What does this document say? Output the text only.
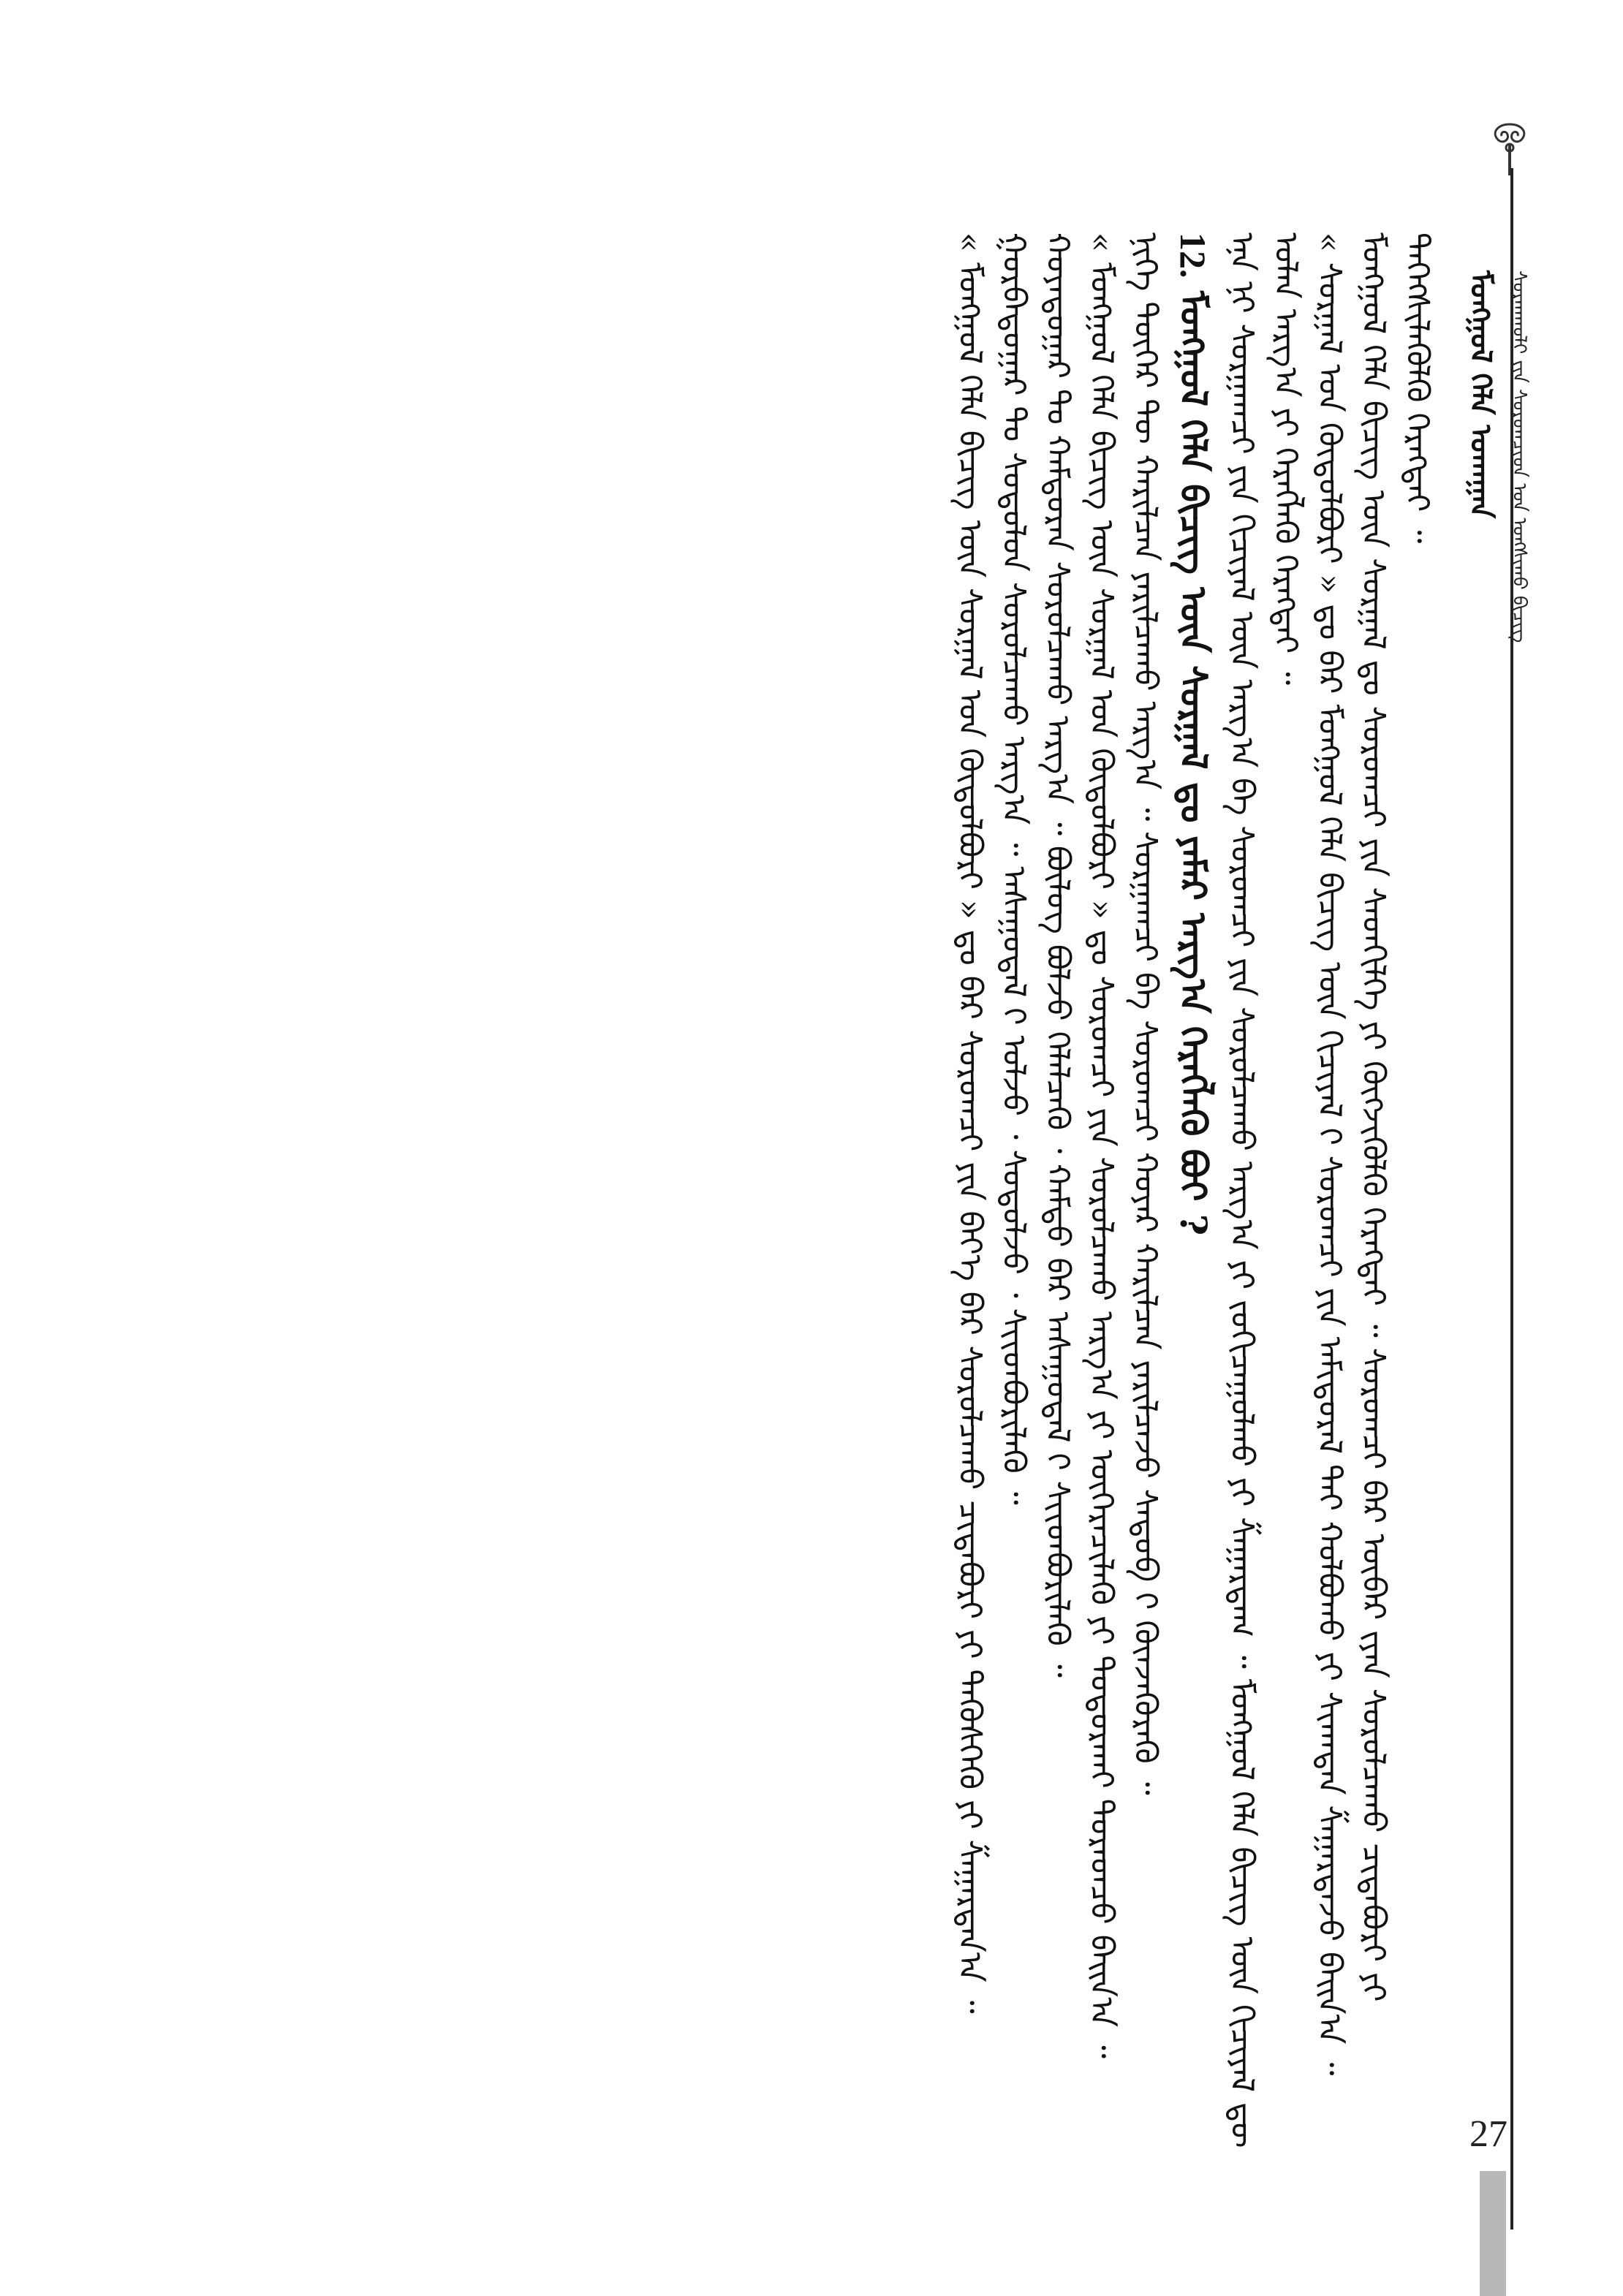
ᠮᠣᠩᠭᠣᠯ ᠬᠡᠯᠡ ᠤᠬᠠᠭᠠᠨ ᠰᠤᠷᠭᠠᠭᠤᠯᠢ ᠶᠢᠨ ᠰᠤᠷᠤᠭᠴᠢᠳ ᠤᠨ ᠤᠩᠰᠢᠬᠤ ᠪᠢᠴᠢᠭ
ᠮᠣᠩᠭᠣᠯ ᠬᠡᠯᠡ ᠪᠢᠴᠢᠭ ᠦᠨ ᠰᠤᠷᠭᠠᠯ ᠳᠤ ᠰᠤᠷᠤᠭᠴᠢ ᠶᠢᠨ ᠰᠡᠳᠬᠢᠯᠭᠡ ᠶᠢ ᠬᠥᠭᠵᠢᠭᠦᠯᠬᠦ ᠬᠡᠷᠡᠭᠲᠡᠢ ᠃ ᠰᠤᠷᠤᠭᠴᠢ ᠪᠡᠷ ᠦᠪᠡᠷ ᠢ᠋ᠶᠡᠨ ᠰᠤᠷᠤᠯᠴᠠᠬᠤ ᠴᠢᠳᠠᠪᠤᠷᠢ ᠶᠢ ᠳᠡᠭᠡᠭᠰᠢᠯᠡᠭᠦᠯᠬᠦ ᠬᠡᠷᠡᠭᠲᠡᠢ ᠃
« ᠰᠤᠷᠭᠠᠯ ᠤᠨ ᠬᠥᠲᠦᠯᠪᠦᠷᠢ » ᠳᠤ ᠪᠠᠷ ᠮᠣᠩᠭᠣᠯ ᠬᠡᠯᠡ ᠪᠢᠴᠢᠭ ᠦᠨ ᠬᠢᠴᠢᠶᠡᠯ ᠢ᠋ ᠰᠤᠷᠤᠭᠴᠢ ᠶᠢᠨ ᠠᠮᠢᠳᠤᠷᠠᠯ ᠲᠠᠢ ᠬᠣᠯᠪᠣᠬᠤ ᠶᠢ ᠰᠢᠬᠠᠳᠠᠨ ᠱᠠᠭᠠᠷᠳᠠᠵᠤ ᠪᠠᠢᠨ᠎ᠠ ᠃
ᠡᠨᠡ ᠨᠢ ᠰᠤᠷᠭᠠᠭᠴᠢ ᠶᠢᠨ ᠬᠢᠴᠢᠶᠡᠯ ᠦᠨ ᠠᠷᠭ᠎ᠠ ᠪᠠ ᠰᠤᠷᠤᠭᠴᠢ ᠶᠢᠨ ᠰᠤᠷᠤᠯᠴᠠᠬᠤ ᠠᠷᠭ᠎ᠠ ᠶᠢ ᠵᠣᠬᠢᠴᠠᠭᠤᠯᠬᠤ ᠶᠢ ᠱᠠᠭᠠᠷᠳᠠᠭ ᠃ ᠮᠣᠩᠭᠣᠯ ᠬᠡᠯᠡ ᠪᠢᠴᠢᠭ ᠦᠨ ᠬᠢᠴᠢᠶᠡᠯ ᠳᠦ ᠣᠯᠠᠨ ᠠᠷᠭ᠎ᠠ ᠶᠢ ᠬᠡᠷᠡᠭᠯᠡᠬᠦ ᠬᠡᠷᠡᠭᠲᠡᠢ ᠃
12. ᠮᠣᠩᠭᠣᠯ ᠬᠡᠯᠡ ᠪᠢᠴᠢᠭ ᠦᠨ ᠰᠤᠷᠭᠠᠯ ᠳᠤ ᠶᠠᠮᠠᠷ ᠠᠷᠭ᠎ᠠ ᠬᠡᠷᠡᠭᠯᠡᠬᠦ ᠪᠤᠢ ?
ᠨᠢᠭᠡ ᠳᠦᠭᠡᠷ ᠲᠦ ᠬᠠᠷᠢᠯᠴᠠᠨ ᠶᠠᠷᠢᠯᠴᠠᠬᠤ ᠠᠷᠭ᠎ᠠ ᠃ ᠰᠤᠷᠭᠠᠭᠴᠢ ᠪᠠ ᠰᠤᠷᠤᠭᠴᠢ ᠬᠣᠶᠠᠷ ᠬᠠᠷᠢᠯᠴᠠᠨ ᠶᠠᠷᠢᠯᠴᠠᠵᠤ ᠰᠡᠳᠦᠪ ᠢ᠋ ᠭᠦᠨᠵᠡᠭᠦᠷᠡᠬᠦ ᠃
« ᠮᠣᠩᠭᠣᠯ ᠬᠡᠯᠡ ᠪᠢᠴᠢᠭ ᠦᠨ ᠰᠤᠷᠭᠠᠯ ᠤᠨ ᠬᠥᠲᠦᠯᠪᠦᠷᠢ » ᠳᠤ ᠰᠤᠷᠤᠭᠴᠢ ᠶᠢᠨ ᠰᠤᠷᠤᠯᠴᠠᠬᠤ ᠠᠷᠭ᠎ᠠ ᠶᠢ ᠥᠭᠡᠷᠡᠴᠢᠯᠡᠬᠦ ᠶᠢ ᠲᠣᠳᠣᠷᠬᠠᠢ ᠳᠤᠷᠠᠳᠴᠤ ᠪᠠᠢᠨ᠎ᠠ ᠃
ᠬᠣᠶᠠᠳᠤᠭᠠᠷ ᠲᠤ ᠬᠠᠮᠲᠤᠷᠠᠨ ᠰᠤᠷᠤᠯᠴᠠᠬᠤ ᠠᠷᠭ᠎ᠠ ᠃ ᠪᠦᠯᠦᠭ ᠪᠣᠯᠵᠤ ᠬᠡᠯᠡᠯᠴᠡᠬᠦ ᠂ ᠬᠠᠮᠲᠤ ᠪᠡᠷ ᠠᠰᠠᠭᠤᠳᠠᠯ ᠢ᠋ ᠰᠢᠢᠳᠪᠦᠷᠢᠯᠡᠬᠦ ᠃
ᠭᠤᠷᠪᠠᠳᠤᠭᠠᠷ ᠲᠤ ᠰᠤᠳᠤᠯᠤᠨ ᠰᠤᠷᠤᠯᠴᠠᠬᠤ ᠠᠷᠭ᠎ᠠ ᠃ ᠠᠰᠠᠭᠤᠳᠠᠯ ᠢ᠋ ᠣᠯᠵᠤ ᠂ ᠰᠤᠳᠤᠯᠵᠤ ᠂ ᠰᠢᠢᠳᠪᠦᠷᠢᠯᠡᠬᠦ ᠃
« ᠮᠣᠩᠭᠣᠯ ᠬᠡᠯᠡ ᠪᠢᠴᠢᠭ ᠦᠨ ᠰᠤᠷᠭᠠᠯ ᠤᠨ ᠬᠥᠲᠦᠯᠪᠦᠷᠢ » ᠳᠤ ᠪᠠᠷ ᠰᠤᠷᠤᠭᠴᠢ ᠶᠢᠨ ᠪᠡᠶ᠎ᠡ ᠪᠡᠷ ᠰᠤᠷᠤᠯᠴᠠᠬᠤ ᠴᠢᠳᠠᠪᠤᠷᠢ ᠶᠢ ᠲᠡᠭᠦᠰᠭᠡᠬᠦ ᠶᠢ ᠱᠠᠭᠠᠷᠳᠠᠨ᠎ᠠ ᠃
27
